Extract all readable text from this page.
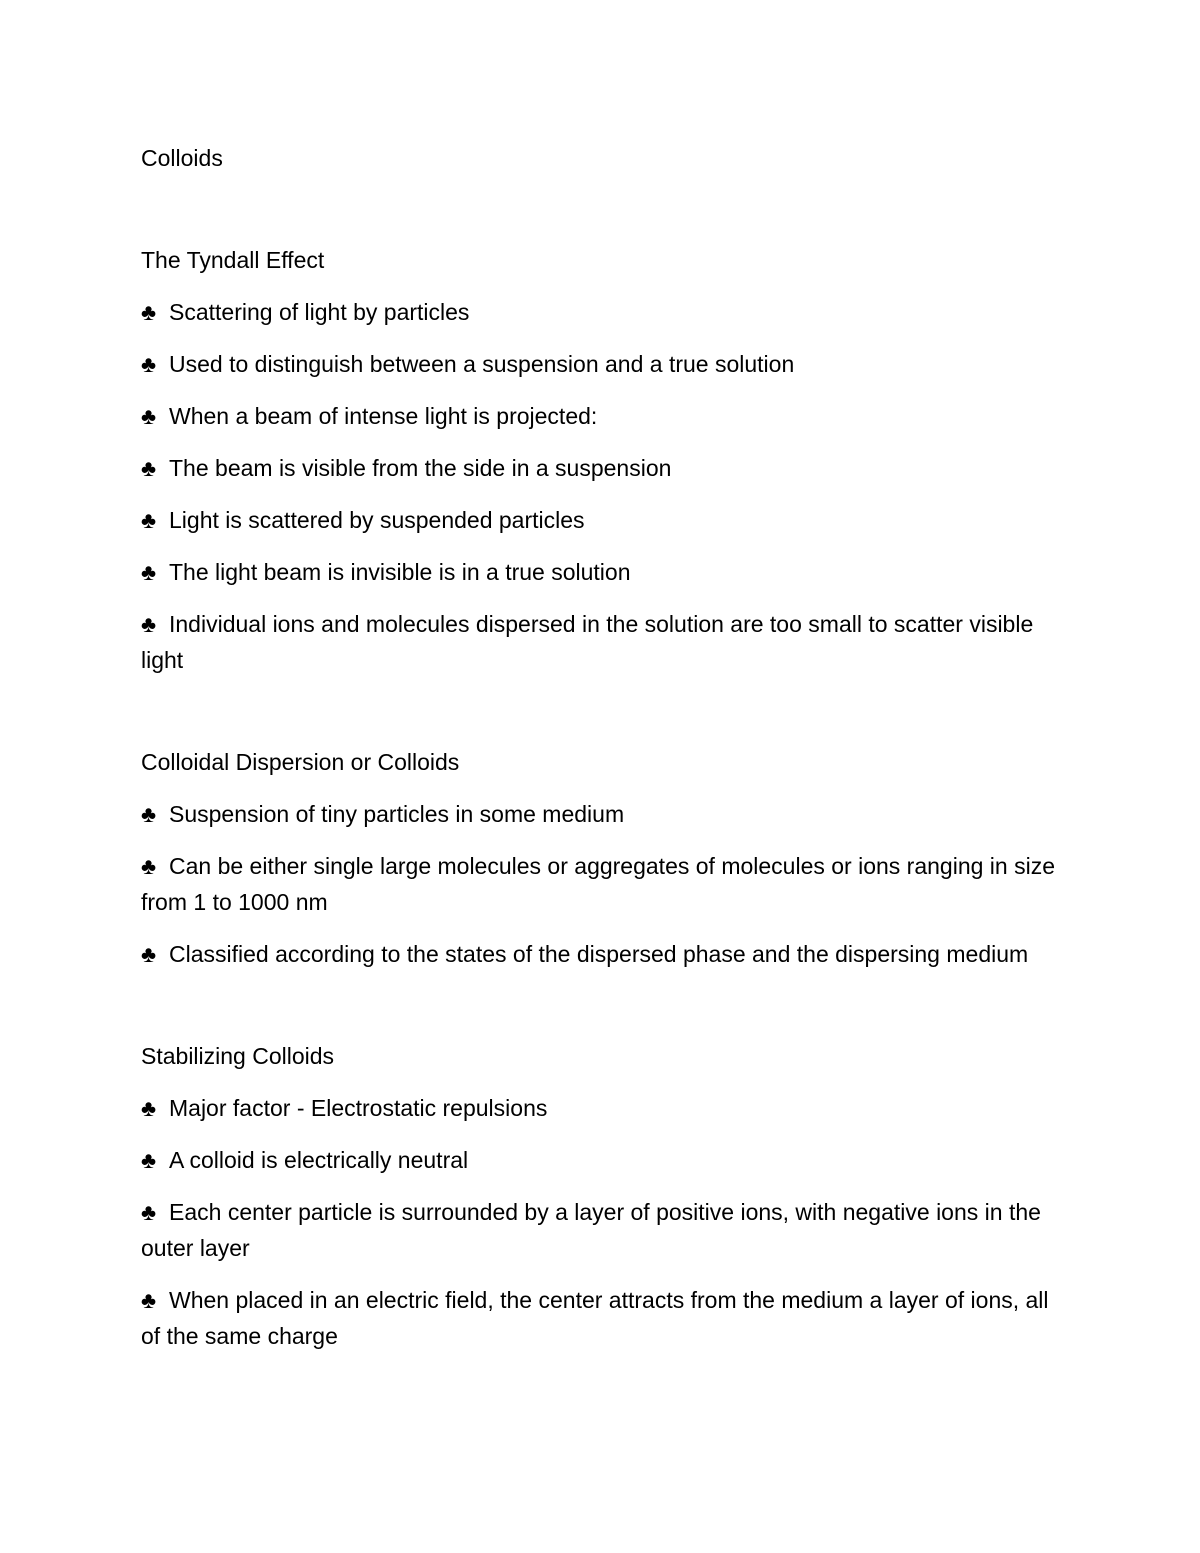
Colloids
The Tyndall Effect
♣ Scattering of light by particles
♣ Used to distinguish between a suspension and a true solution
♣ When a beam of intense light is projected:
♣ The beam is visible from the side in a suspension
♣ Light is scattered by suspended particles
♣ The light beam is invisible is in a true solution
♣ Individual ions and molecules dispersed in the solution are too small to scatter visible light
Colloidal Dispersion or Colloids
♣ Suspension of tiny particles in some medium
♣ Can be either single large molecules or aggregates of molecules or ions ranging in size from 1 to 1000 nm
♣ Classified according to the states of the dispersed phase and the dispersing medium
Stabilizing Colloids
♣ Major factor - Electrostatic repulsions
♣ A colloid is electrically neutral
♣ Each center particle is surrounded by a layer of positive ions, with negative ions in the outer layer
♣ When placed in an electric field, the center attracts from the medium a layer of ions, all of the same charge
